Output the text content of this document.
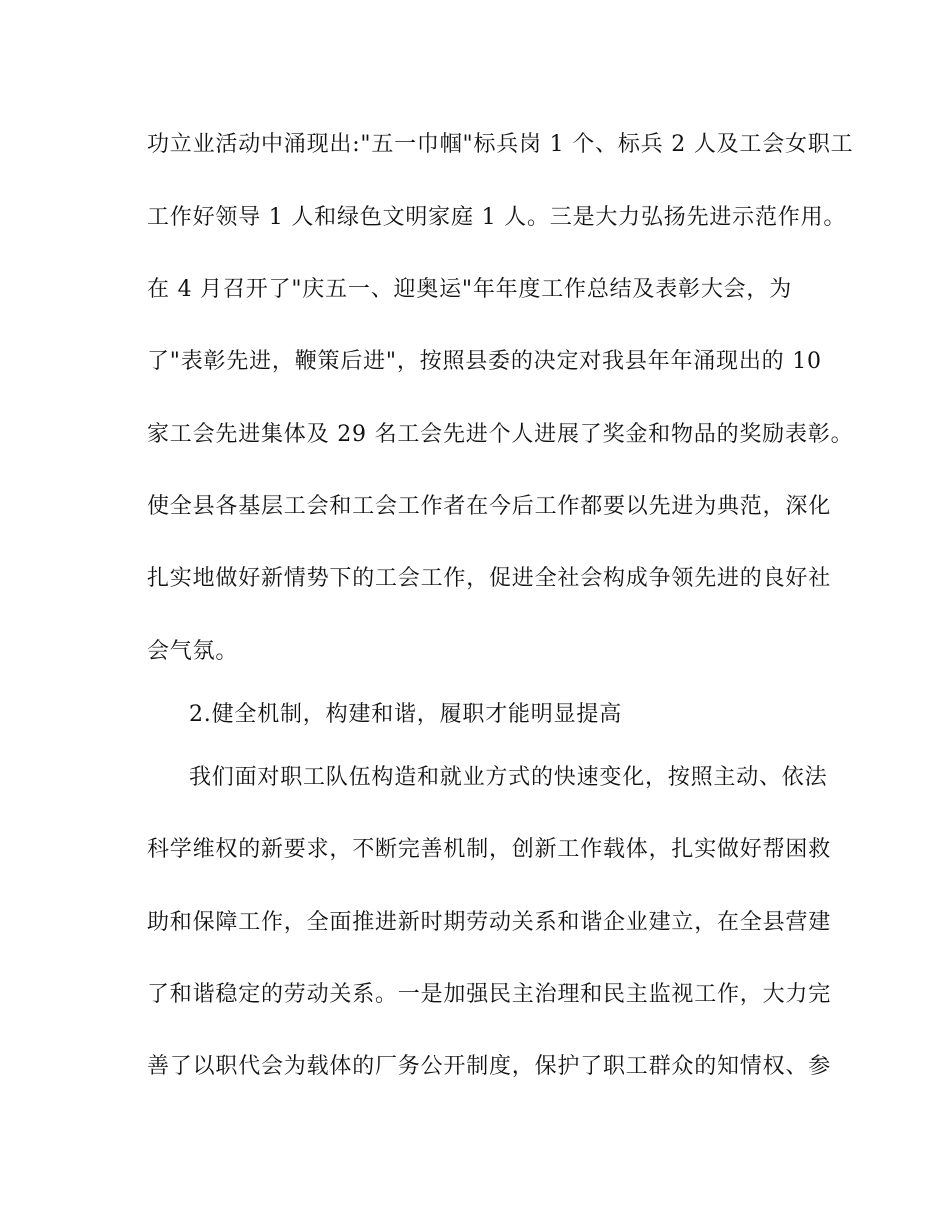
功立业活动中涌现出:"五一巾帼"标兵岗 1 个、标兵 2 人及工会女职工
工作好领导 1 人和绿色文明家庭 1 人。三是大力弘扬先进示范作用。
在 4 月召开了"庆五一、迎奥运"年年度工作总结及表彰大会，为
了"表彰先进，鞭策后进"，按照县委的决定对我县年年涌现出的 10
家工会先进集体及 29 名工会先进个人进展了奖金和物品的奖励表彰。
使全县各基层工会和工会工作者在今后工作都要以先进为典范，深化
扎实地做好新情势下的工会工作，促进全社会构成争领先进的良好社
会气氛。
2.健全机制，构建和谐，履职才能明显提高
我们面对职工队伍构造和就业方式的快速变化，按照主动、依法
科学维权的新要求，不断完善机制，创新工作载体，扎实做好帮困救
助和保障工作，全面推进新时期劳动关系和谐企业建立，在全县营建
了和谐稳定的劳动关系。一是加强民主治理和民主监视工作，大力完
善了以职代会为载体的厂务公开制度，保护了职工群众的知情权、参
